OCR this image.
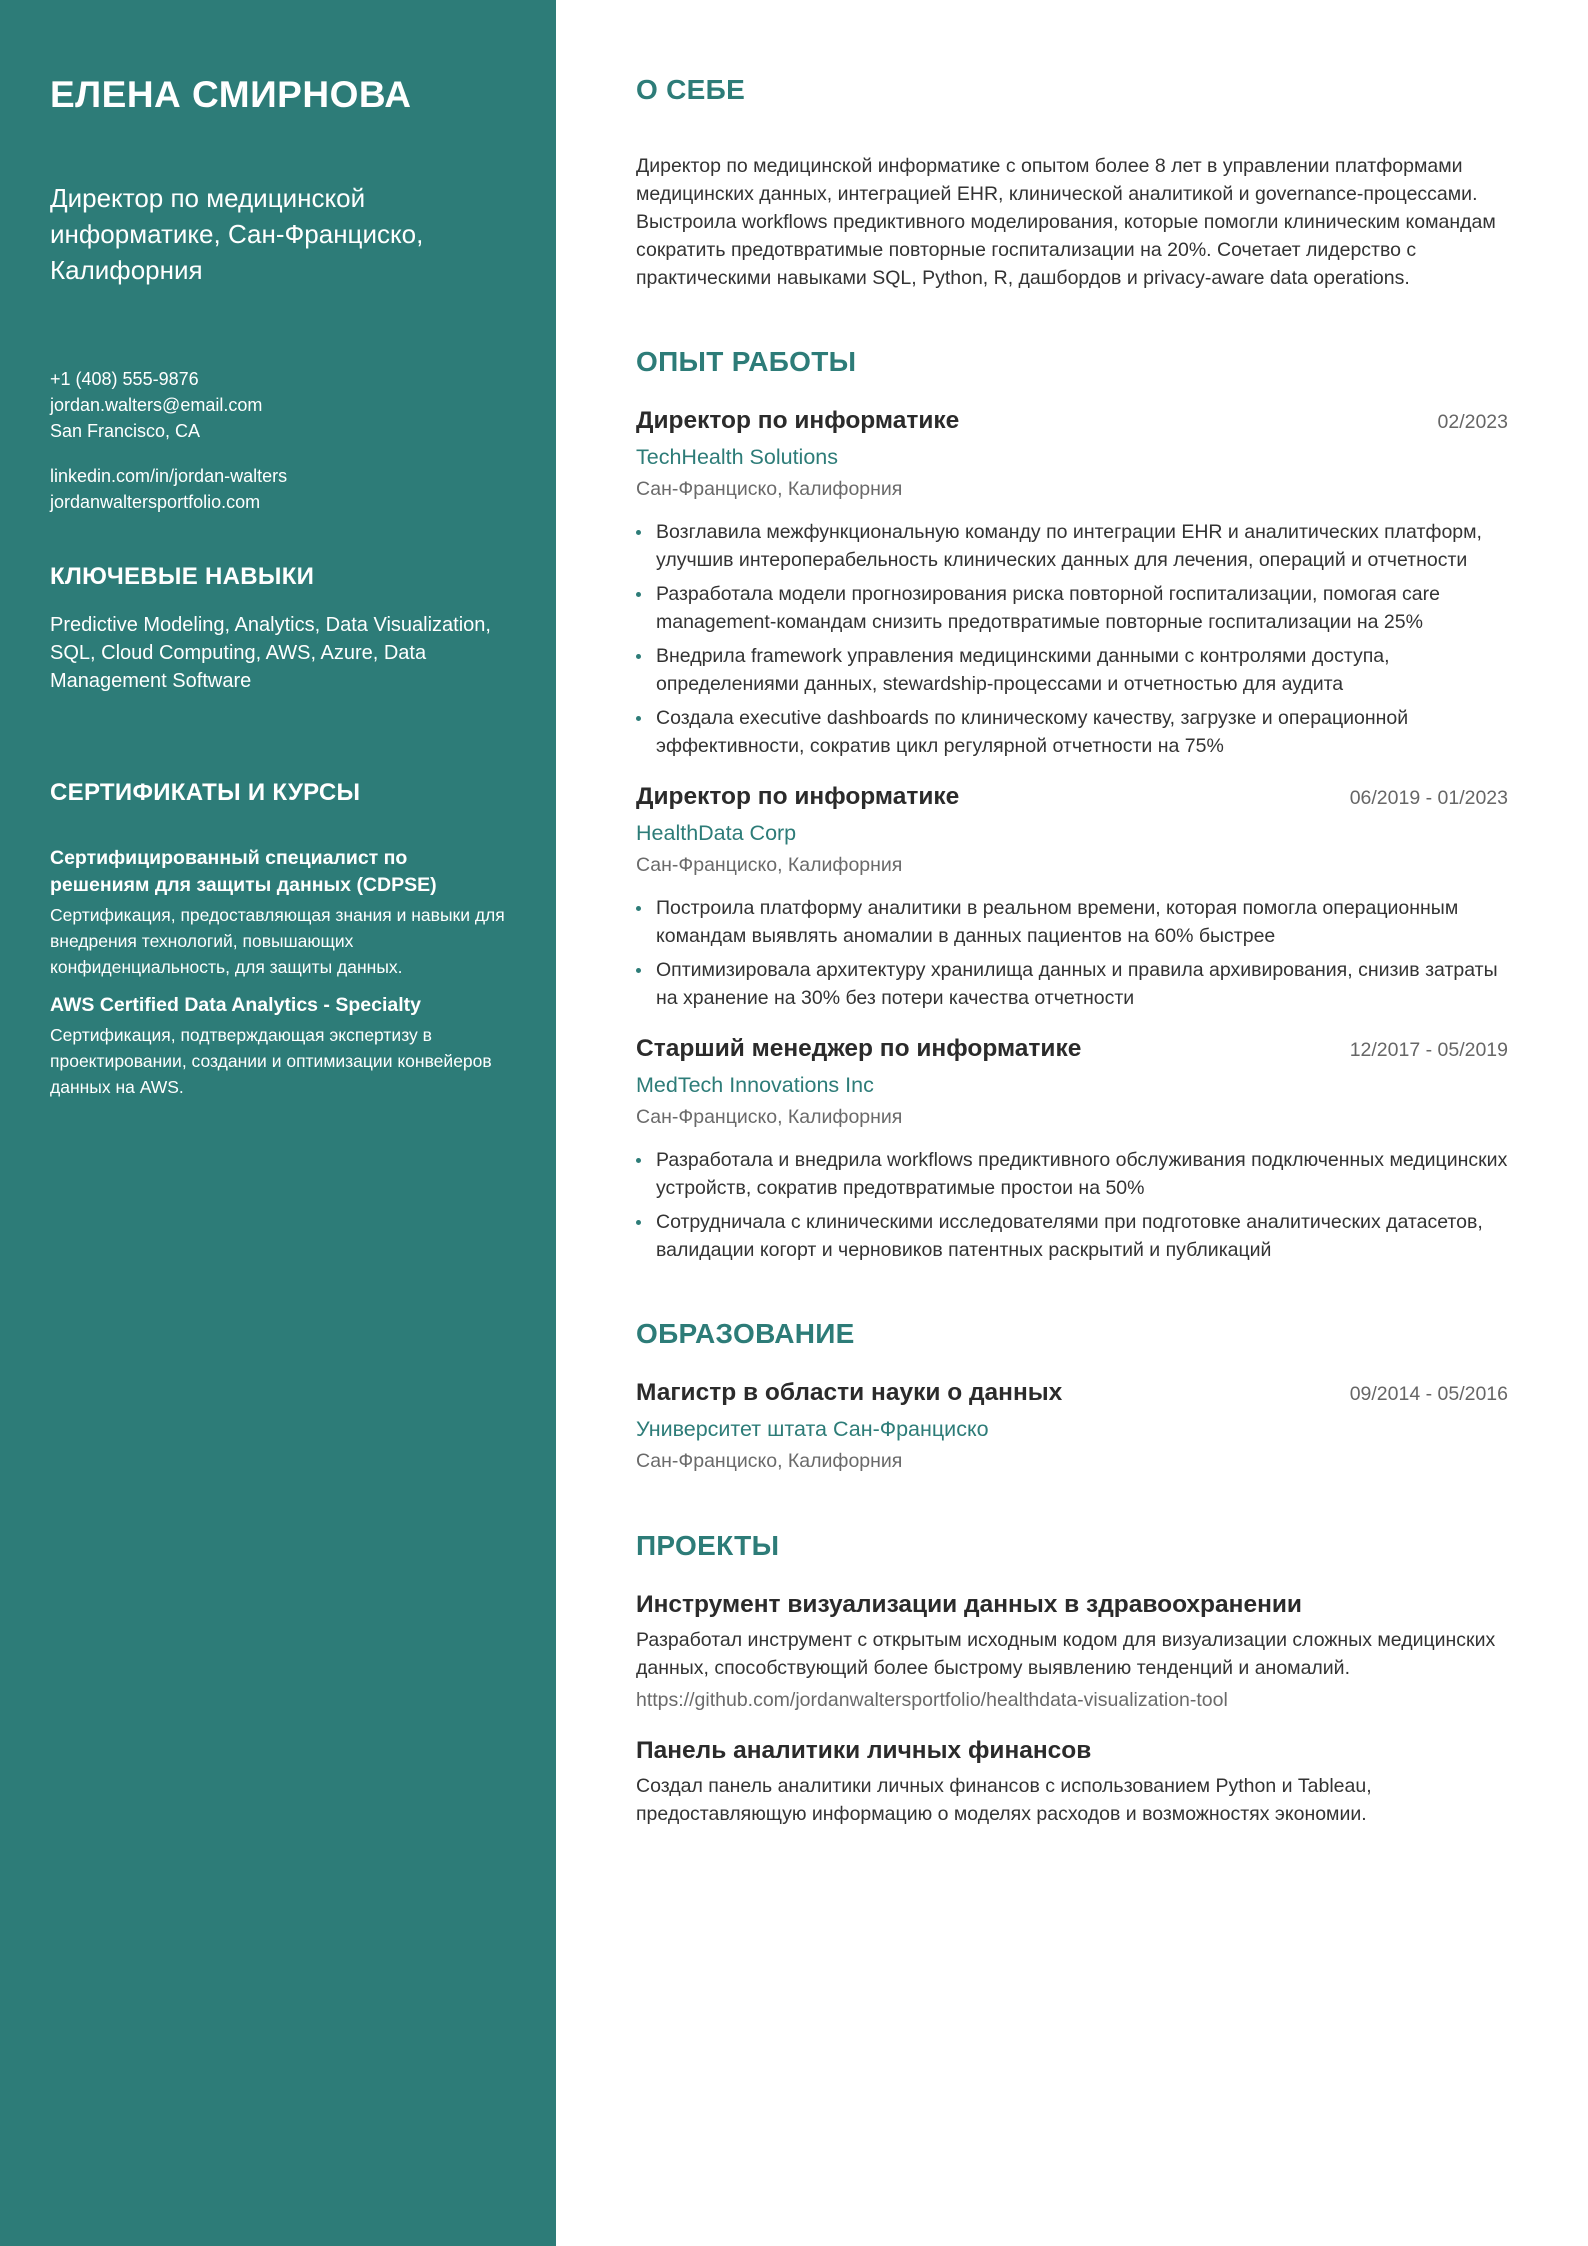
ЕЛЕНА СМИРНОВА
Директор по медицинской информатике, Сан-Франциско, Калифорния
+1 (408) 555-9876
jordan.walters@email.com
San Francisco, CA
linkedin.com/in/jordan-walters
jordanwaltersportfolio.com
КЛЮЧЕВЫЕ НАВЫКИ
Predictive Modeling, Analytics, Data Visualization, SQL, Cloud Computing, AWS, Azure, Data Management Software
СЕРТИФИКАТЫ И КУРСЫ
Сертифицированный специалист по решениям для защиты данных (CDPSE)
Сертификация, предоставляющая знания и навыки для внедрения технологий, повышающих конфиденциальность, для защиты данных.
AWS Certified Data Analytics - Specialty
Сертификация, подтверждающая экспертизу в проектировании, создании и оптимизации конвейеров данных на AWS.
О СЕБЕ

Директор по медицинской информатике с опытом более 8 лет в управлении платформами медицинских данных, интеграцией EHR, клинической аналитикой и governance-процессами. Выстроила workflows предиктивного моделирования, которые помогли клиническим командам сократить предотвратимые повторные госпитализации на 20%. Сочетает лидерство с практическими навыками SQL, Python, R, дашбордов и privacy-aware data operations.

ОПЫТ РАБОТЫ
Директор по информатике	02/2023
TechHealth Solutions
Сан-Франциско, Калифорния
Возглавила межфункциональную команду по интеграции EHR и аналитических платформ, улучшив интероперабельность клинических данных для лечения, операций и отчетности
Разработала модели прогнозирования риска повторной госпитализации, помогая care management-командам снизить предотвратимые повторные госпитализации на 25%
Внедрила framework управления медицинскими данными с контролями доступа, определениями данных, stewardship-процессами и отчетностью для аудита
Создала executive dashboards по клиническому качеству, загрузке и операционной эффективности, сократив цикл регулярной отчетности на 75%
Директор по информатике	06/2019 - 01/2023
HealthData Corp
Сан-Франциско, Калифорния
Построила платформу аналитики в реальном времени, которая помогла операционным командам выявлять аномалии в данных пациентов на 60% быстрее
Оптимизировала архитектуру хранилища данных и правила архивирования, снизив затраты на хранение на 30% без потери качества отчетности
Старший менеджер по информатике	12/2017 - 05/2019
MedTech Innovations Inc
Сан-Франциско, Калифорния
Разработала и внедрила workflows предиктивного обслуживания подключенных медицинских устройств, сократив предотвратимые простои на 50%
Сотрудничала с клиническими исследователями при подготовке аналитических датасетов, валидации когорт и черновиков патентных раскрытий и публикаций
ОБРАЗОВАНИЕ
Магистр в области науки о данных	09/2014 - 05/2016
Университет штата Сан-Франциско
Сан-Франциско, Калифорния
ПРОЕКТЫ
Инструмент визуализации данных в здравоохранении
Разработал инструмент с открытым исходным кодом для визуализации сложных медицинских данных, способствующий более быстрому выявлению тенденций и аномалий.
https://github.com/jordanwaltersportfolio/healthdata-visualization-tool
Панель аналитики личных финансов
Создал панель аналитики личных финансов с использованием Python и Tableau, предоставляющую информацию о моделях расходов и возможностях экономии.
